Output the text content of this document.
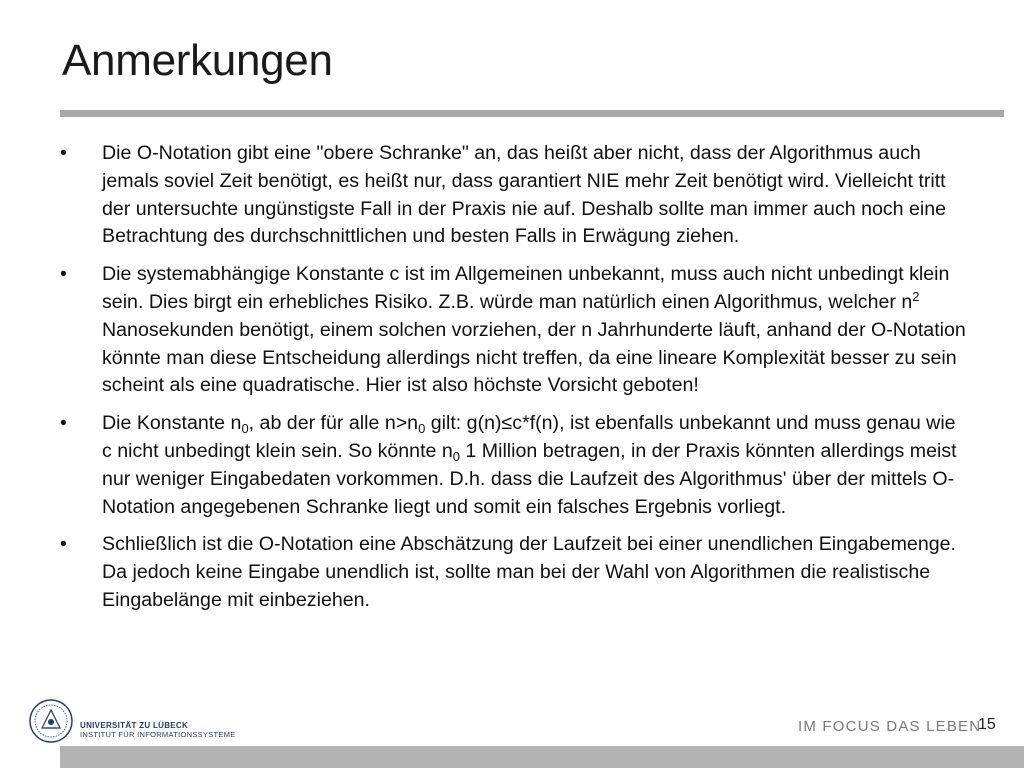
Anmerkungen
• Die O-Notation gibt eine "obere Schranke" an, das heißt aber nicht, dass der Algorithmus auch jemals soviel Zeit benötigt, es heißt nur, dass garantiert NIE mehr Zeit benötigt wird. Vielleicht tritt der untersuchte ungünstigste Fall in der Praxis nie auf. Deshalb sollte man immer auch noch eine Betrachtung des durchschnittlichen und besten Falls in Erwägung ziehen.
• Die systemabhängige Konstante c ist im Allgemeinen unbekannt, muss auch nicht unbedingt klein sein. Dies birgt ein erhebliches Risiko. Z.B. würde man natürlich einen Algorithmus, welcher $n^2$ Nanosekunden benötigt, einem solchen vorziehen, der n Jahrhunderte läuft, anhand der O-Notation könnte man diese Entscheidung allerdings nicht treffen, da eine lineare Komplexität besser zu sein scheint als eine quadratische. Hier ist also höchste Vorsicht geboten!
• Die Konstante $n_0$, ab der für alle $n>n_0$ gilt: g(n)≤c*f(n), ist ebenfalls unbekannt und muss genau wie c nicht unbedingt klein sein. So könnte $n_0$ 1 Million betragen, in der Praxis könnten allerdings meist nur weniger Eingabedaten vorkommen. D.h. dass die Laufzeit des Algorithmus' über der mittels O-Notation angegebenen Schranke liegt und somit ein falsches Ergebnis vorliegt.
• Schließlich ist die O-Notation eine Abschätzung der Laufzeit bei einer unendlichen Eingabemenge. Da jedoch keine Eingabe unendlich ist, sollte man bei der Wahl von Algorithmen die realistische Eingabelänge mit einbeziehen.
UNIVERSITÄT ZU LÜBECK
INSTITUT FÜR INFORMATIONSSYSTEME	IM FOCUS DAS LEBEN
15
